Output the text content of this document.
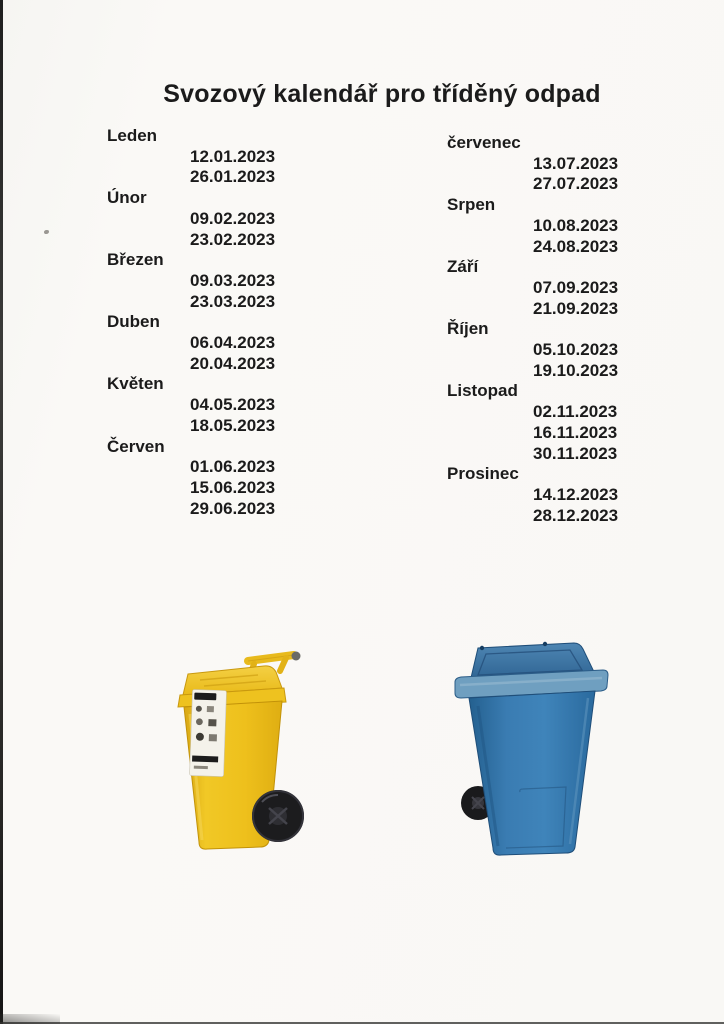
Svozový kalendář pro tříděný odpad
Leden
12.01.2023
26.01.2023
Únor
09.02.2023
23.02.2023
Březen
09.03.2023
23.03.2023
Duben
06.04.2023
20.04.2023
Květen
04.05.2023
18.05.2023
Červen
01.06.2023
15.06.2023
29.06.2023
červenec
13.07.2023
27.07.2023
Srpen
10.08.2023
24.08.2023
Září
07.09.2023
21.09.2023
Říjen
05.10.2023
19.10.2023
Listopad
02.11.2023
16.11.2023
30.11.2023
Prosinec
14.12.2023
28.12.2023
